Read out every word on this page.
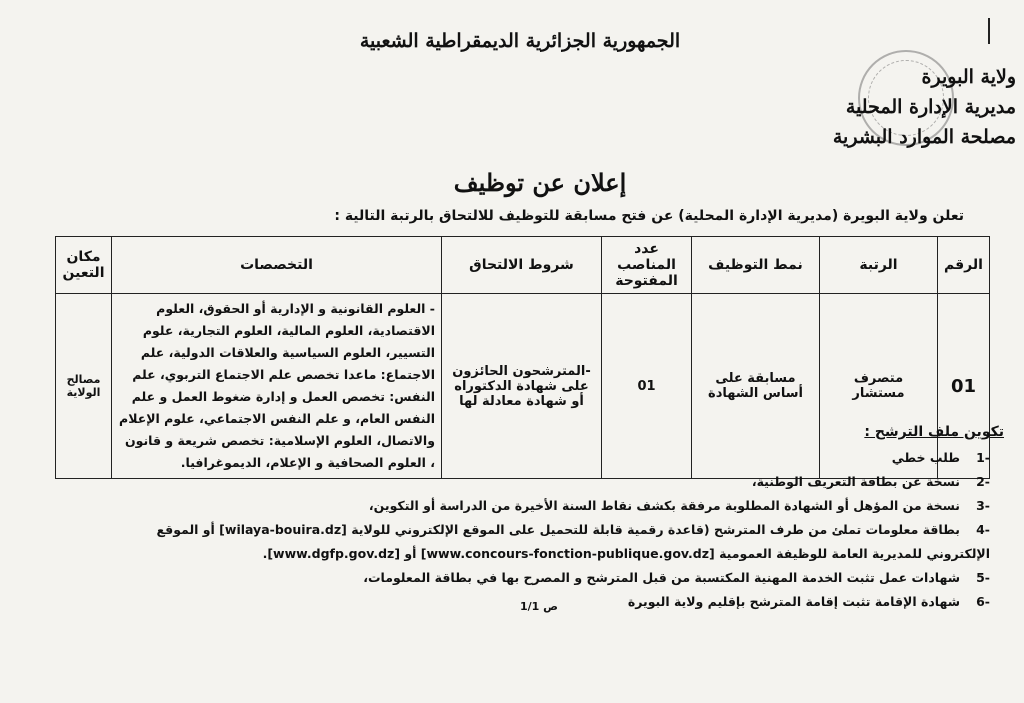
الجمهورية الجزائرية الديمقراطية الشعبية
ولاية البويرة
مديرية الإدارة المحلية
مصلحة الموارد البشرية
إعلان عن توظيف
تعلن ولاية البويرة (مديرية الإدارة المحلية) عن فتح مسابقة للتوظيف للالتحاق بالرتبة التالية :
الرقم	الرتبة	نمط التوظيف	عدد المناصب المفتوحة	شروط الالتحاق	التخصصات	مكان التعين
01	متصرف مستشار	مسابقة على أساس الشهادة	01	-المترشحون الحائزون على شهادة الدكتوراه أو شهادة معادلة لها	- العلوم القانونية و الإدارية أو الحقوق، العلوم الاقتصادية، العلوم المالية، العلوم التجارية، علوم التسيير، العلوم السياسية والعلاقات الدولية، علم الاجتماع: ماعدا تخصص علم الاجتماع التربوي، علم النفس: تخصص العمل و إدارة ضغوط العمل و علم النفس العام، و علم النفس الاجتماعي، علوم الإعلام والاتصال، العلوم الإسلامية: تخصص شريعة و قانون ، العلوم الصحافية و الإعلام، الديموغرافيا.	مصالح الولاية
تكوين ملف الترشح :
-1طلب خطي
-2نسخة عن بطاقة التعريف الوطنية،
-3نسخة من المؤهل أو الشهادة المطلوبة مرفقة بكشف نقاط السنة الأخيرة من الدراسة أو التكوين،
-4بطاقة معلومات تملئ من طرف المترشح (قاعدة رقمية قابلة للتحميل على الموقع الإلكتروني للولاية [wilaya-bouira.dz] أو الموقع الإلكتروني للمديرية العامة للوظيفة العمومية [www.concours-fonction-publique.gov.dz] أو [www.dgfp.gov.dz].
-5شهادات عمل تثبت الخدمة المهنية المكتسبة من قبل المترشح و المصرح بها في بطاقة المعلومات،
-6شهادة الإقامة تثبت إقامة المترشح بإقليم ولاية البويرة
ص 1/1
